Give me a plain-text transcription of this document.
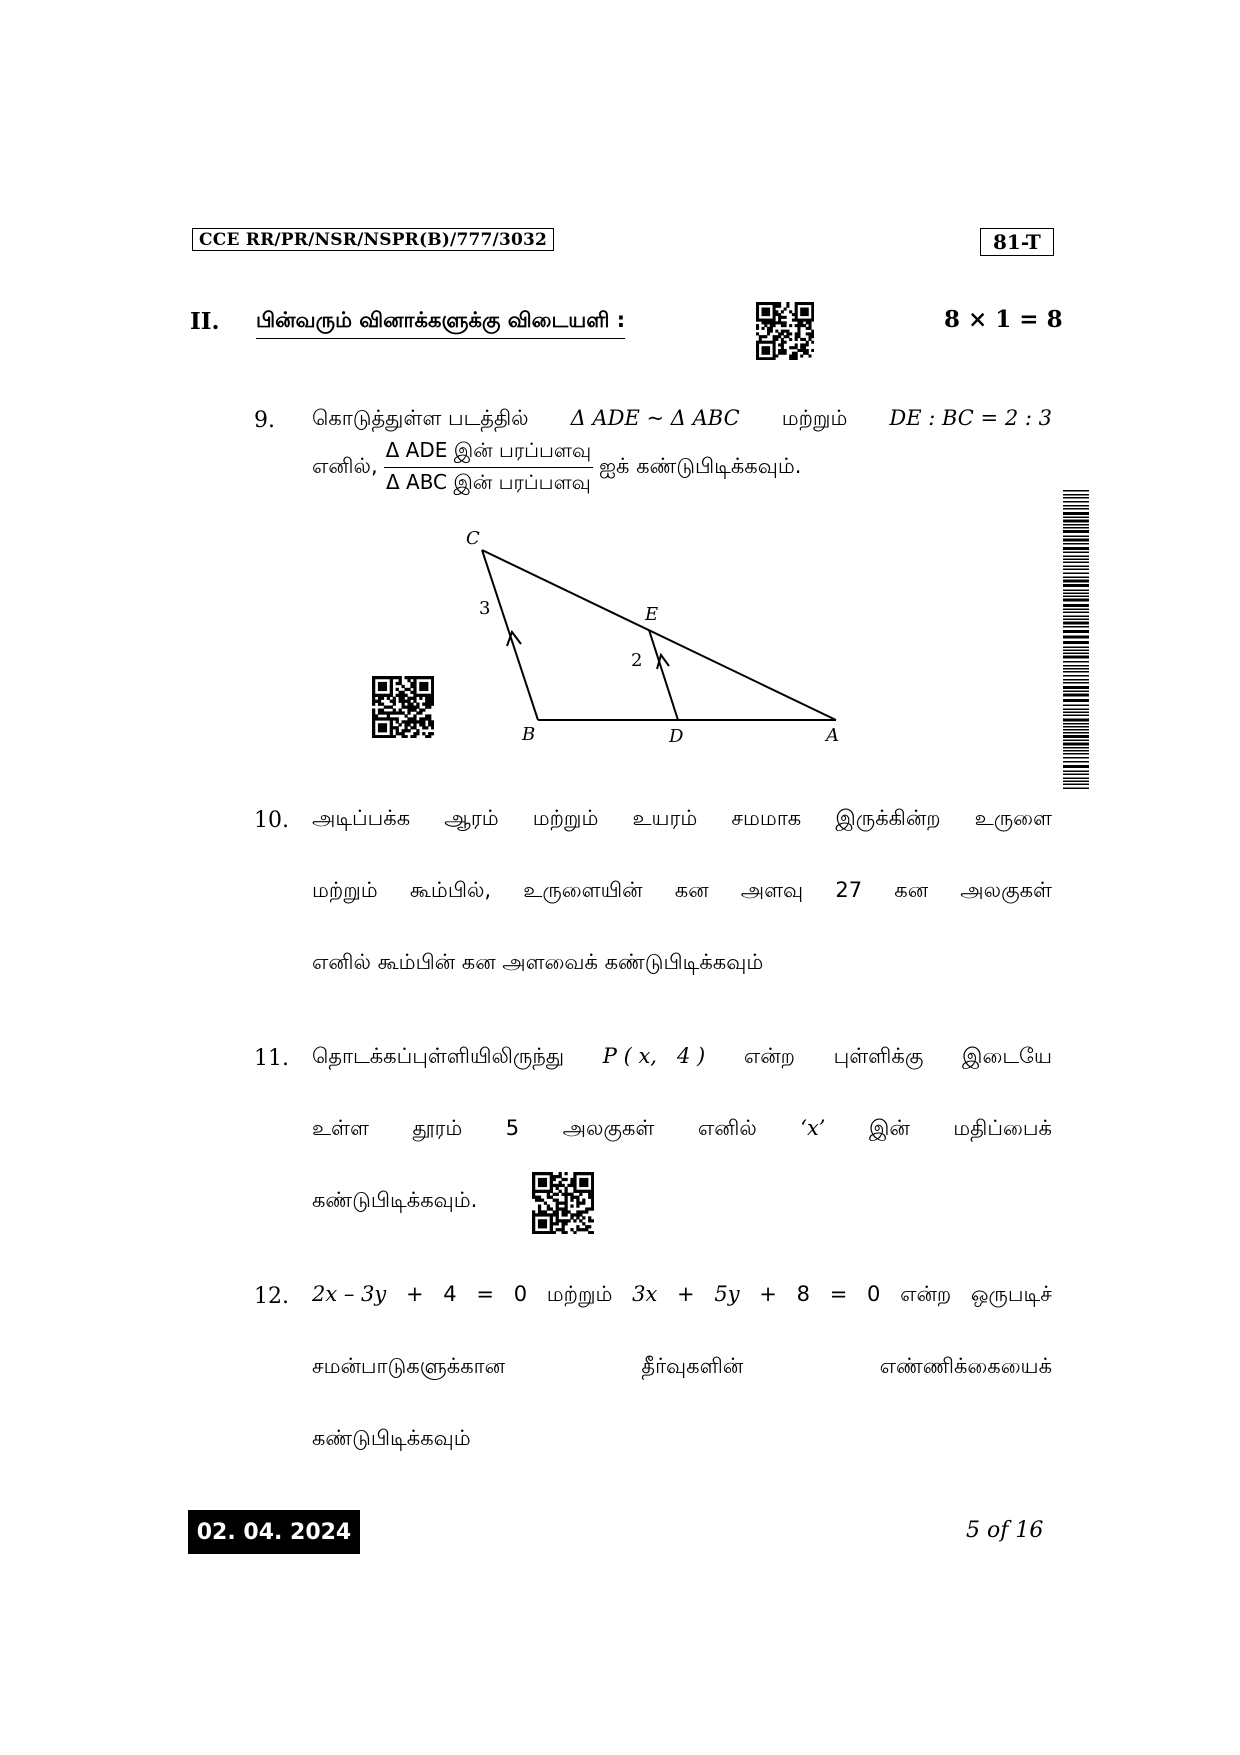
CCE RR/PR/NSR/NSPR(B)/777/3032	81-T
II. பின்வரும் வினாக்களுக்கு விடையளி :	8 × 1 = 8
9. கொடுத்துள்ள படத்தில் Δ ADE ~ Δ ABC மற்றும் DE : BC = 2 : 3
எனில், $\frac{\text{Δ ADE இன் பரப்பளவு}}{\text{Δ ABC இன் பரப்பளவு}}$ ஐக் கண்டுபிடிக்கவும்.
C
B	A
D
E
3
2
10. அடிப்பக்க ஆரம் மற்றும் உயரம் சமமாக இருக்கின்ற உருளை
மற்றும் கூம்பில், உருளையின் கன அளவு 27 கன அலகுகள்
எனில் கூம்பின் கன அளவைக் கண்டுபிடிக்கவும்
11. தொடக்கப்புள்ளியிலிருந்து P ( x,   4 ) என்ற புள்ளிக்கு இடையே
உள்ள தூரம் 5 அலகுகள் எனில் ‘x’ இன் மதிப்பைக்
கண்டுபிடிக்கவும்.
12. 2x – 3y + 4 = 0 மற்றும் 3x + 5y + 8 = 0 என்ற ஒருபடிச்
சமன்பாடுகளுக்கான	தீர்வுகளின்	எண்ணிக்கையைக்
கண்டுபிடிக்கவும்
02. 04. 2024	5 of 16
